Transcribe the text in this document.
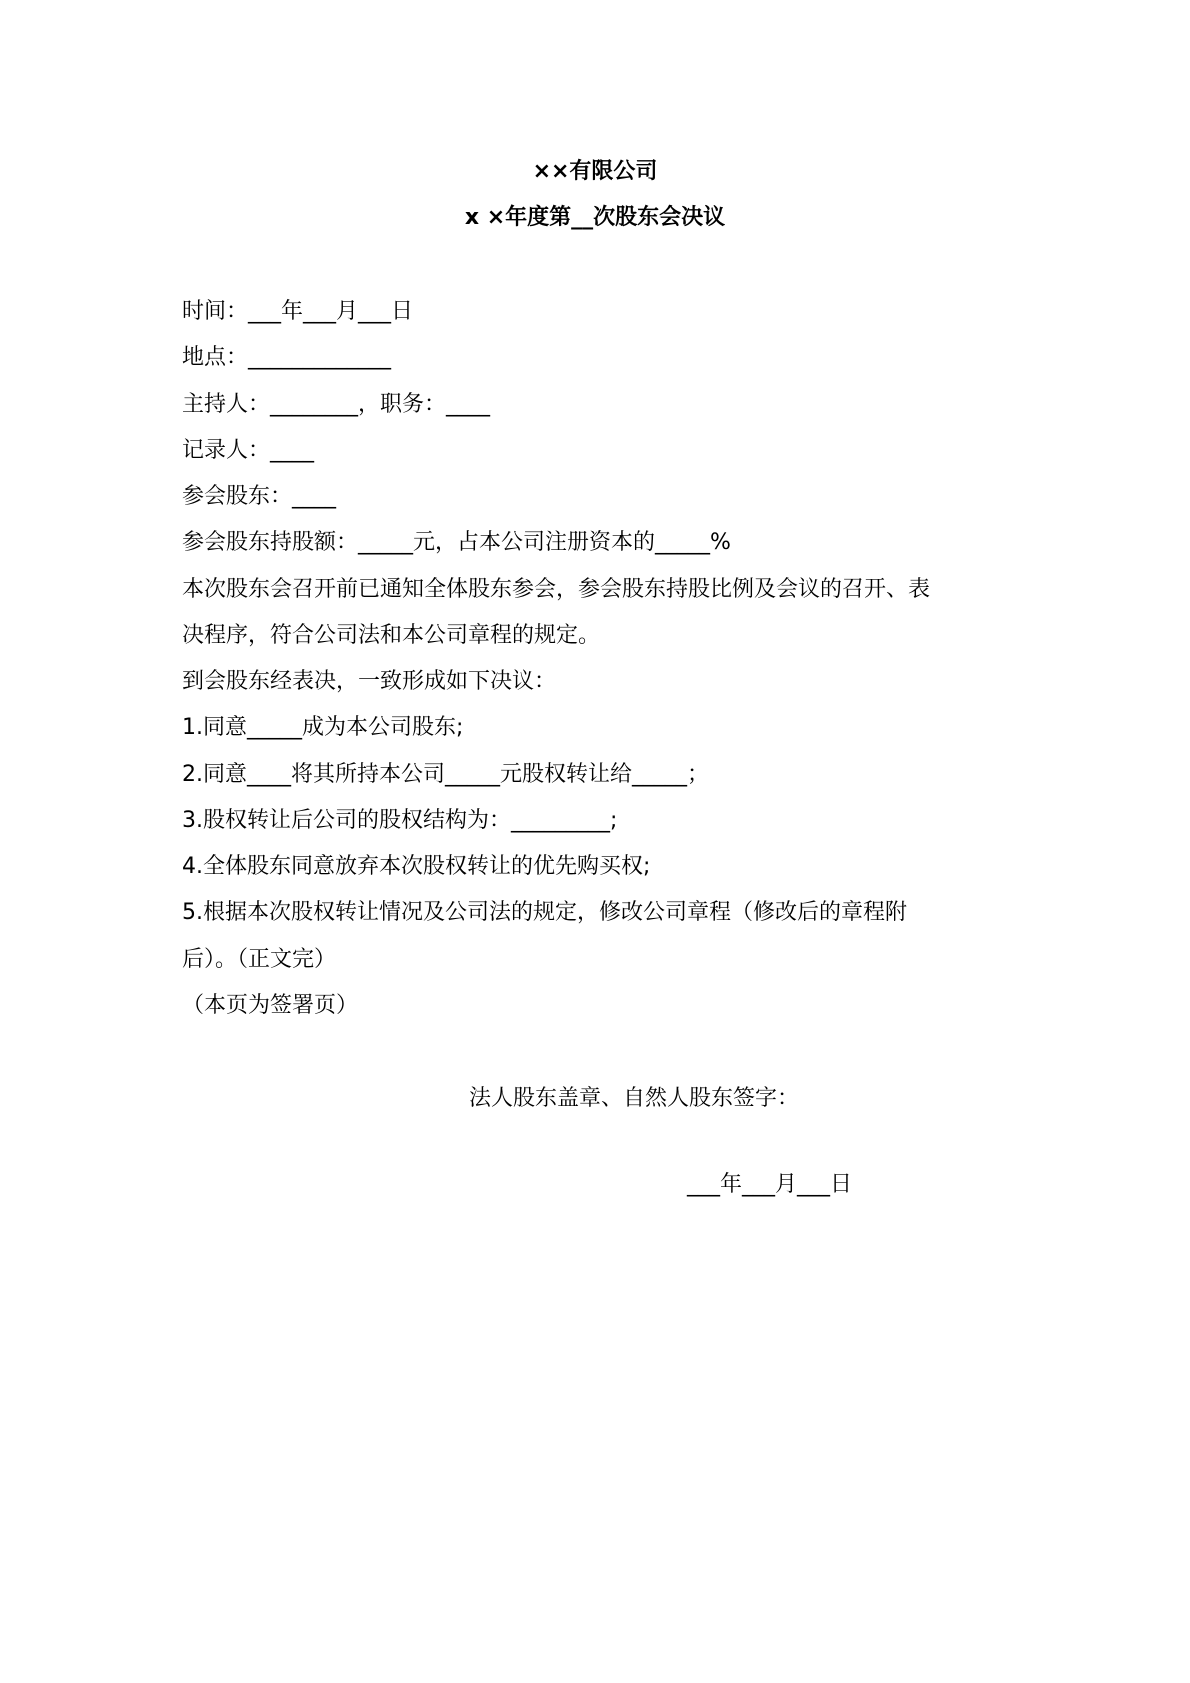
××有限公司
x ×年度第__次股东会决议
时间：___年___月___日
地点：_____________
主持人：________，职务：____
记录人：____
参会股东：____
参会股东持股额：_____元，占本公司注册资本的_____%
本次股东会召开前已通知全体股东参会，参会股东持股比例及会议的召开、表
决程序，符合公司法和本公司章程的规定。
到会股东经表决，一致形成如下决议：
1.同意_____成为本公司股东;
2.同意____将其所持本公司_____元股权转让给_____；
3.股权转让后公司的股权结构为：_________;
4.全体股东同意放弃本次股权转让的优先购买权;
5.根据本次股权转让情况及公司法的规定，修改公司章程（修改后的章程附
后）。（正文完）
（本页为签署页）
法人股东盖章、自然人股东签字：
___年___月___日
